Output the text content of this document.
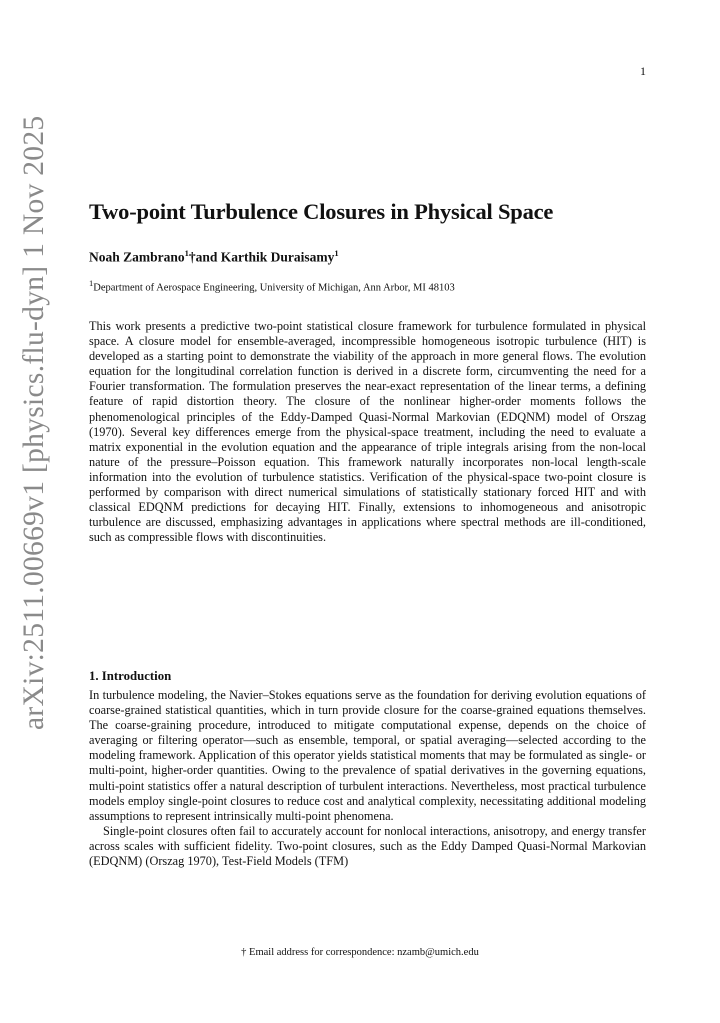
1
arXiv:2511.00669v1 [physics.flu-dyn] 1 Nov 2025 Two-point Turbulence Closures in Physical Space
Noah Zambrano$^1$†and Karthik Duraisamy$^1$
$^1$Department of Aerospace Engineering, University of Michigan, Ann Arbor, MI 48103

This work presents a predictive two-point statistical closure framework for turbulence formulated in physical space. A closure model for ensemble-averaged, incompressible homogeneous isotropic turbulence (HIT) is developed as a starting point to demonstrate the viability of the approach in more general flows. The evolution equation for the longitudinal correlation function is derived in a discrete form, circumventing the need for a Fourier transformation. The formulation preserves the near-exact representation of the linear terms, a defining feature of rapid distortion theory. The closure of the nonlinear higher-order moments follows the phenomenological principles of the Eddy-Damped Quasi-Normal Markovian (EDQNM) model of Orszag (1970). Several key differences emerge from the physical-space treatment, including the need to evaluate a matrix exponential in the evolution equation and the appearance of triple integrals arising from the non-local nature of the pressure–Poisson equation. This framework naturally incorporates non-local length-scale information into the evolution of turbulence statistics. Verification of the physical-space two-point closure is performed by comparison with direct numerical simulations of statistically stationary forced HIT and with classical EDQNM predictions for decaying HIT. Finally, extensions to inhomogeneous and anisotropic turbulence are discussed, emphasizing advantages in applications where spectral methods are ill-conditioned, such as compressible flows with discontinuities.

1. Introduction

In turbulence modeling, the Navier–Stokes equations serve as the foundation for deriving evolution equations of coarse-grained statistical quantities, which in turn provide closure for the coarse-grained equations themselves. The coarse-graining procedure, introduced to mitigate computational expense, depends on the choice of averaging or filtering operator—such as ensemble, temporal, or spatial averaging—selected according to the modeling framework. Application of this operator yields statistical moments that may be formulated as single- or multi-point, higher-order quantities. Owing to the prevalence of spatial derivatives in the governing equations, multi-point statistics offer a natural description of turbulent interactions. Nevertheless, most practical turbulence models employ single-point closures to reduce cost and analytical complexity, necessitating additional modeling assumptions to represent intrinsically multi-point phenomena.

Single-point closures often fail to accurately account for nonlocal interactions, anisotropy, and energy transfer across scales with sufficient fidelity. Two-point closures, such as the Eddy Damped Quasi-Normal Markovian (EDQNM) (Orszag 1970), Test-Field Models (TFM)

† Email address for correspondence: nzamb@umich.edu
